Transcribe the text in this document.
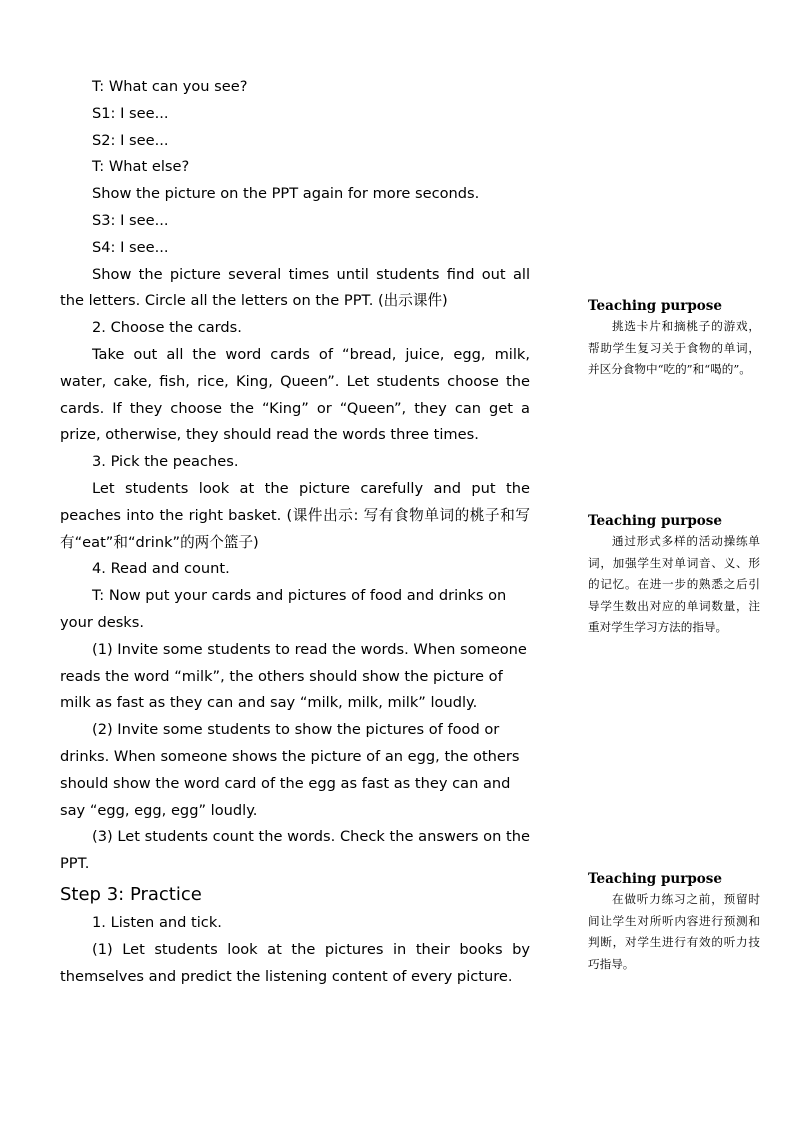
T: What can you see?

S1: I see...

S2: I see...

T: What else?

Show the picture on the PPT again for more seconds.

S3: I see...

S4: I see...

Show the picture several times until students find out all the letters. Circle all the letters on the PPT. (出示课件)

2. Choose the cards.

Take out all the word cards of “bread, juice, egg, milk, water, cake, fish, rice, King, Queen”. Let students choose the cards. If they choose the “King” or “Queen”, they can get a prize, otherwise, they should read the words three times.

3. Pick the peaches.

Let students look at the picture carefully and put the peaches into the right basket. (课件出示: 写有食物单词的桃子和写有“eat”和“drink”的两个篮子)

4. Read and count.

T: Now put your cards and pictures of food and drinks on your desks.

(1) Invite some students to read the words. When someone reads the word “milk”, the others should show the picture of milk as fast as they can and say “milk, milk, milk” loudly.

(2) Invite some students to show the pictures of food or drinks. When someone shows the picture of an egg, the others should show the word card of the egg as fast as they can and say “egg, egg, egg” loudly.

(3) Let students count the words. Check the answers on the PPT.

Step 3: Practice

1. Listen and tick.

(1) Let students look at the pictures in their books by themselves and predict the listening content of every picture.

Teaching purpose

挑选卡片和摘桃子的游戏，帮助学生复习关于食物的单词，并区分食物中“吃的”和“喝的”。

Teaching purpose

通过形式多样的活动操练单词，加强学生对单词音、义、形的记忆。在进一步的熟悉之后引导学生数出对应的单词数量，注重对学生学习方法的指导。

Teaching purpose

在做听力练习之前，预留时间让学生对所听内容进行预测和判断，对学生进行有效的听力技巧指导。
